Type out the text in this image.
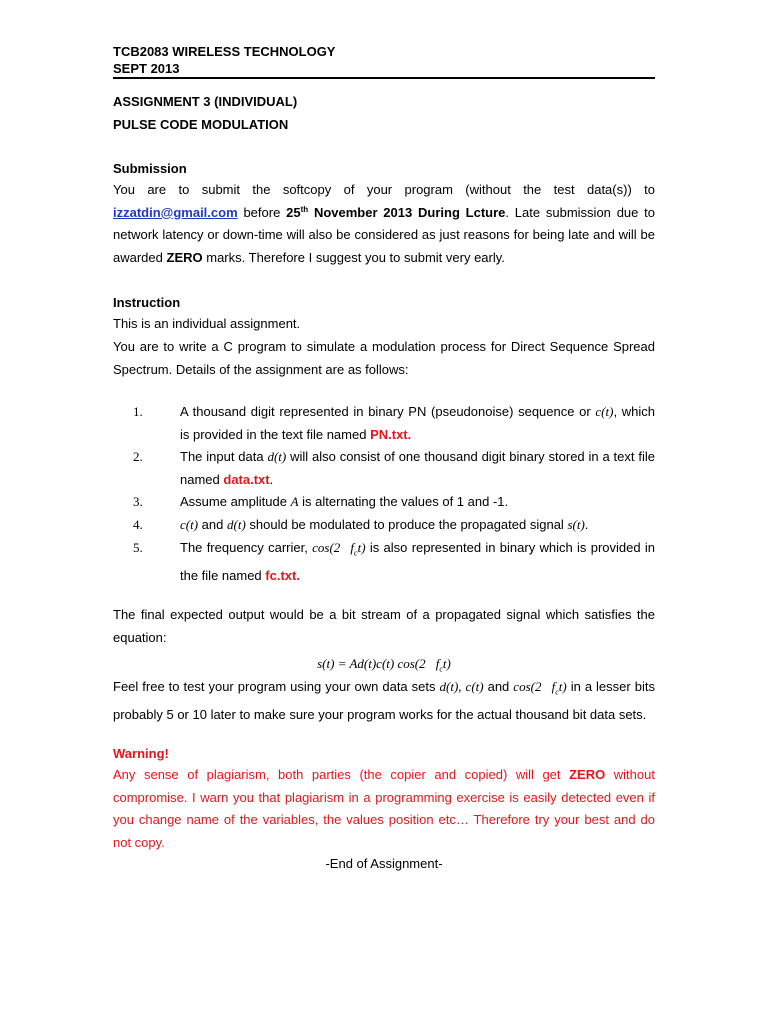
TCB2083 WIRELESS TECHNOLOGY
SEPT 2013
ASSIGNMENT 3 (INDIVIDUAL)
PULSE CODE MODULATION
Submission
You are to submit the softcopy of your program (without the test data(s)) to izzatdin@gmail.com before 25th November 2013 During Lcture. Late submission due to network latency or down-time will also be considered as just reasons for being late and will be awarded ZERO marks. Therefore I suggest you to submit very early.
Instruction
This is an individual assignment.
You are to write a C program to simulate a modulation process for Direct Sequence Spread Spectrum. Details of the assignment are as follows:
1.	A thousand digit represented in binary PN (pseudonoise) sequence or c(t), which is provided in the text file named PN.txt.
2.	The input data d(t) will also consist of one thousand digit binary stored in a text file named data.txt.
3.	Assume amplitude A is alternating the values of 1 and -1.
4.	c(t) and d(t) should be modulated to produce the propagated signal s(t).
5.	The frequency carrier, cos(2 $f_ct$) is also represented in binary which is provided in the file named fc.txt.
The final expected output would be a bit stream of a propagated signal which satisfies the equation:
s(t) = Ad(t)c(t) cos(2 $f_ct$)
Feel free to test your program using your own data sets d(t), c(t) and cos(2 $f_ct$) in a lesser bits probably 5 or 10 later to make sure your program works for the actual thousand bit data sets.
Warning!
Any sense of plagiarism, both parties (the copier and copied) will get ZERO without compromise. I warn you that plagiarism in a programming exercise is easily detected even if you change name of the variables, the values position etc… Therefore try your best and do not copy.
-End of Assignment-
